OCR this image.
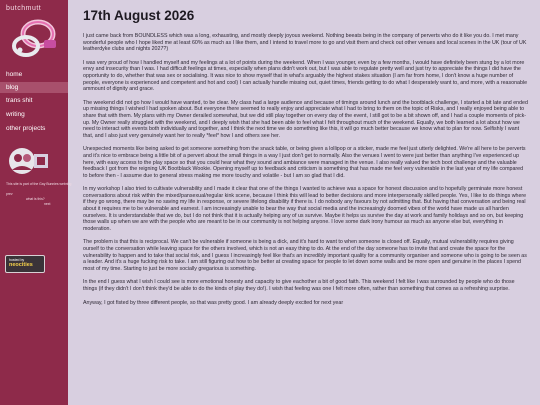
butchmutt
home
blog
trans shit
writing
other projects
This site is part of the Gay Bunnies webring
prev
what is this?
next
hosted by
neocities
17th August 2026

I just came back from BOUNDLESS which was a long, exhausting, and mostly deeply joyous weekend. Nothing beeats being in the company of perverts who do it like you do. I met many wonderful people who I hope liked me at least 60% as much as I like them, and I intend to travel more to go and visit them and check out other venues and local scenes in the UK (tour of UK leatherdyke clubs and nights 2027?)

I was very proud of how I handled myself and my feelings at a lot of points during the weekend. When I was younger, even by a few months, I would have definitely been stung by a lot more envy and insecurity than I was. I had difficult feelings at times, especially when plans didn't work out, but I was able to regulate pretty well and just try to appreciate the things I did have the opportunity to do, whether that was sex or socialising. It was nice to show myself that in what's arguably the highest stakes situation (I am far from home, I don't know a huge number of people, everyone is experienced and competent and hot and cool) I can actually handle missing out, quiet times, friends getting to do what I desperately want to, and more, with a reasonable ammount of dignity and grace.

The weekend did not go how I would have wanted, to be clear. My class had a large audience and because of timings around lunch and the bootblack challenge, I started a bit late and ended up missing things I wished I had spoken about. But everyone there seemed to really enjoy and appreciate what I had to bring to them on the topic of Risks, and I really enjoyed being able to share that with them. My plans with my Owner derailed somewhat, but we did still play together on every day of the event, I still got to be a bit shown off, and I had a couple moments of pick-up. My Owner really struggled with the weekend, and I deeply wish that she had been able to feel what I felt throughout much of the weekend. Equally, we both learned a lot about how we need to interact with events both individually and together, and I think the next time we do something like this, it will go much better because we know what to plan for now. Selfishly I want that, and I also just very genuinely want her to really *feel* how I and others see her.

Unexpected moments like being asked to get someone something from the snack table, or being given a lollipop or a sticker, made me feel just utterly delighted. We're all here to be perverts and it's nice to embrace being a little bit of a pervert about the small things in a way I just don't get to normally. Also the venues I went to were just better than anything I've experienced up here, with easy access to the play space so that you could hear what they sound and ambiance were managed in the venue. I also really valued the tech boot challenge and the valuable feedback I got from the reigning UK Bootblack Wookie. Opening myself up to feedback and criticism is something that has made me feel very vulnerable in the last year of my life compared to before then - I assume due to general stress making me more touchy and volatile - but I am so glad that I did.

In my workshop I also tried to cultivate vulnerability and I made it clear that one of the things I wanted to achieve was a space for honest discussion and to hopefully germinate more honest conversations about risk within the mixed/pansexual/regular kink scene, because I think this will lead to better decisions and more interpersonally skilled people. Yes, I like to do things where if they go wrong, there may be no saving my life in response, or severe lifelong disability if there is. I do nobody any favours by not admitting that. But having that conversation and being real about it requires me to be vulnerable and earnest. I am increasingly unable to bear the way that social media and the increasingly doomed vibes of the world have made us all harden ourselves. It is understandable that we do, but I do not think that it is actually helping any of us survive. Maybe it helps us survive the day at work and family holidays and so on, but keeping those walls up when we are with the people who are meant to be in our community is not helping anyone. I love some dark irony humour as much as anyone else but, everything in moderation.

The problem is that this is reciprocal. We can't be vulnerable if someone is being a dick, and it's hard to want to when someone is closed off. Equally, mutual vulnerability requires giving ourself to the conversation while leaving space for the others involved, which is not an easy thing to do. At the end of the day someone has to invite that and create the space for the vulnerability to happen and to take that social risk, and I guess I increasingly feel like that's an incredibly important quality for a community organiser and someone who is going to be seen as a leader. And it's a huge fucking risk to take. I am still figuring out how to be better at creating space for people to let down some walls and be more open and genuine in the places I spend most of my time. Starting to just be more socially gregarious is something.

In the end I guess what I wish I could see is more emotional honesty and capacity to give eachother a bit of good faith. This weekend I felt like I was surrounded by people who do those things (if they didn't I don't think they'd be able to do the kinds of play they do!). I wish that feeling was one I felt more often, rather than something that comes as a refreshing surprise.

Anyway, I got fisted by three different people, so that was pretty good. I am already deeply excited for next year
